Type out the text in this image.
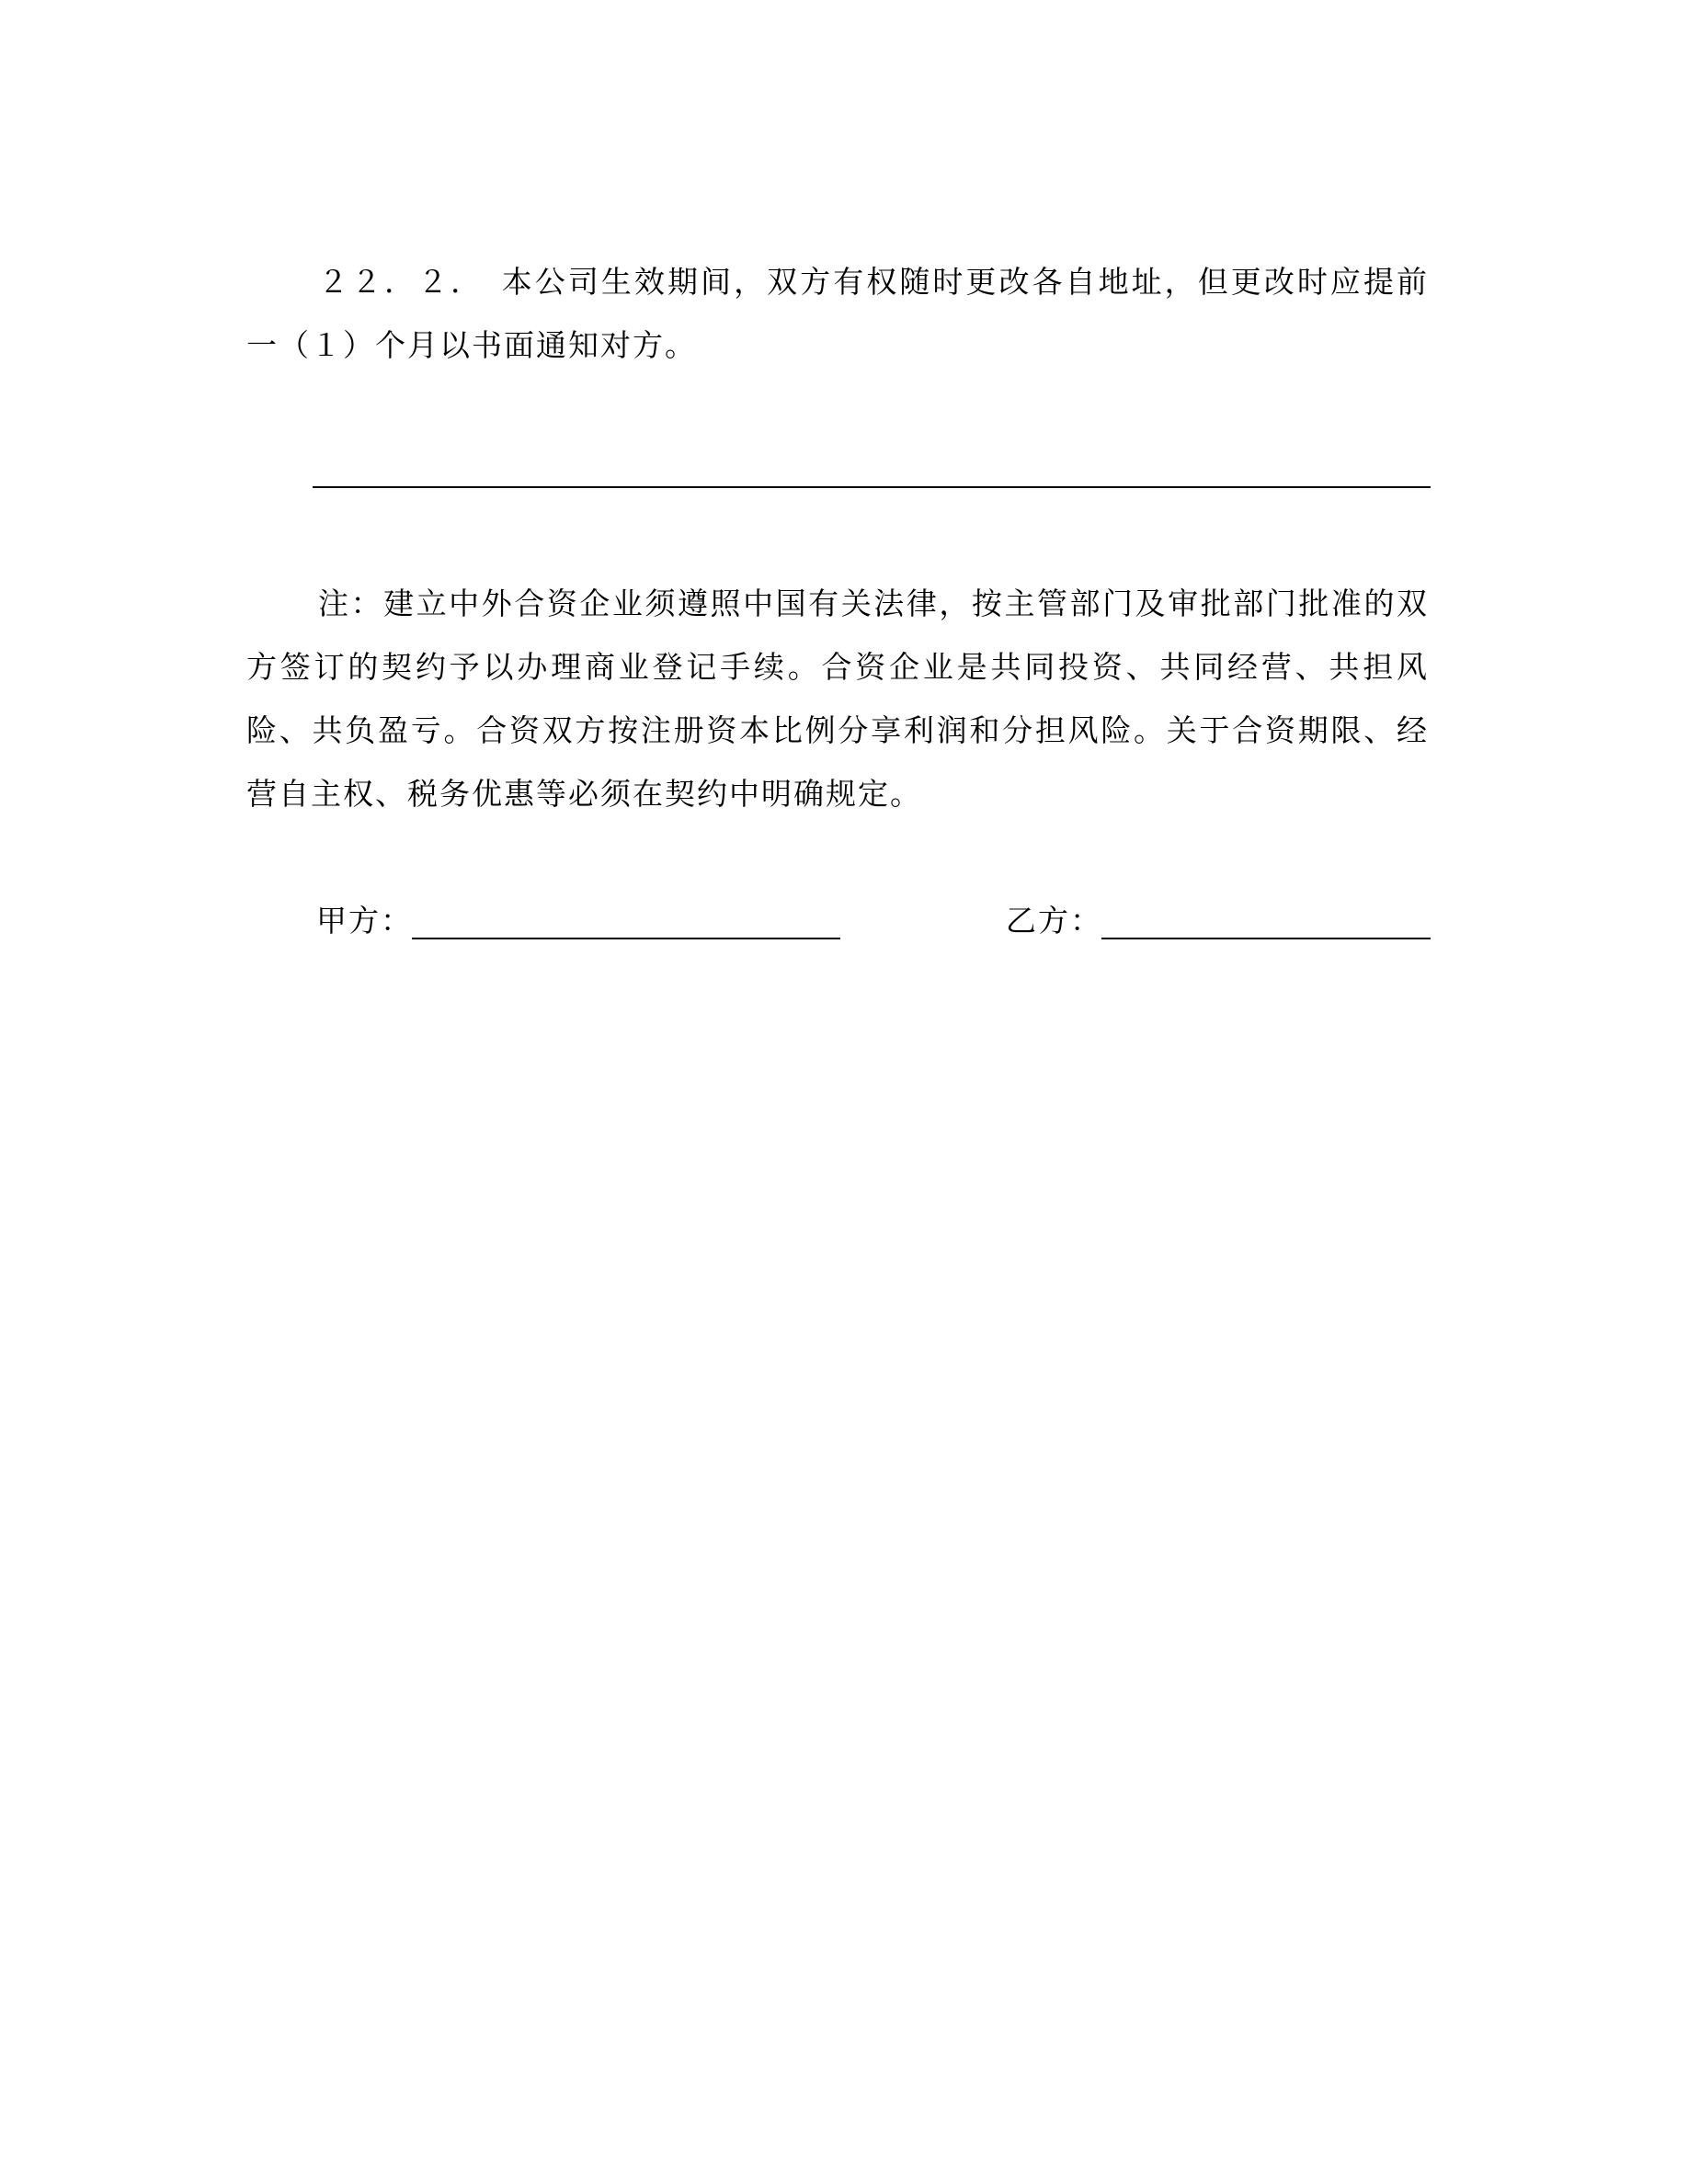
２２．２．　本公司生效期间，双方有权随时更改各自地址，但更改时应提前一（１）个月以书面通知对方。

注：建立中外合资企业须遵照中国有关法律，按主管部门及审批部门批准的双方签订的契约予以办理商业登记手续。合资企业是共同投资、共同经营、共担风险、共负盈亏。合资双方按注册资本比例分享利润和分担风险。关于合资期限、经营自主权、税务优惠等必须在契约中明确规定。

甲方：	乙方：
